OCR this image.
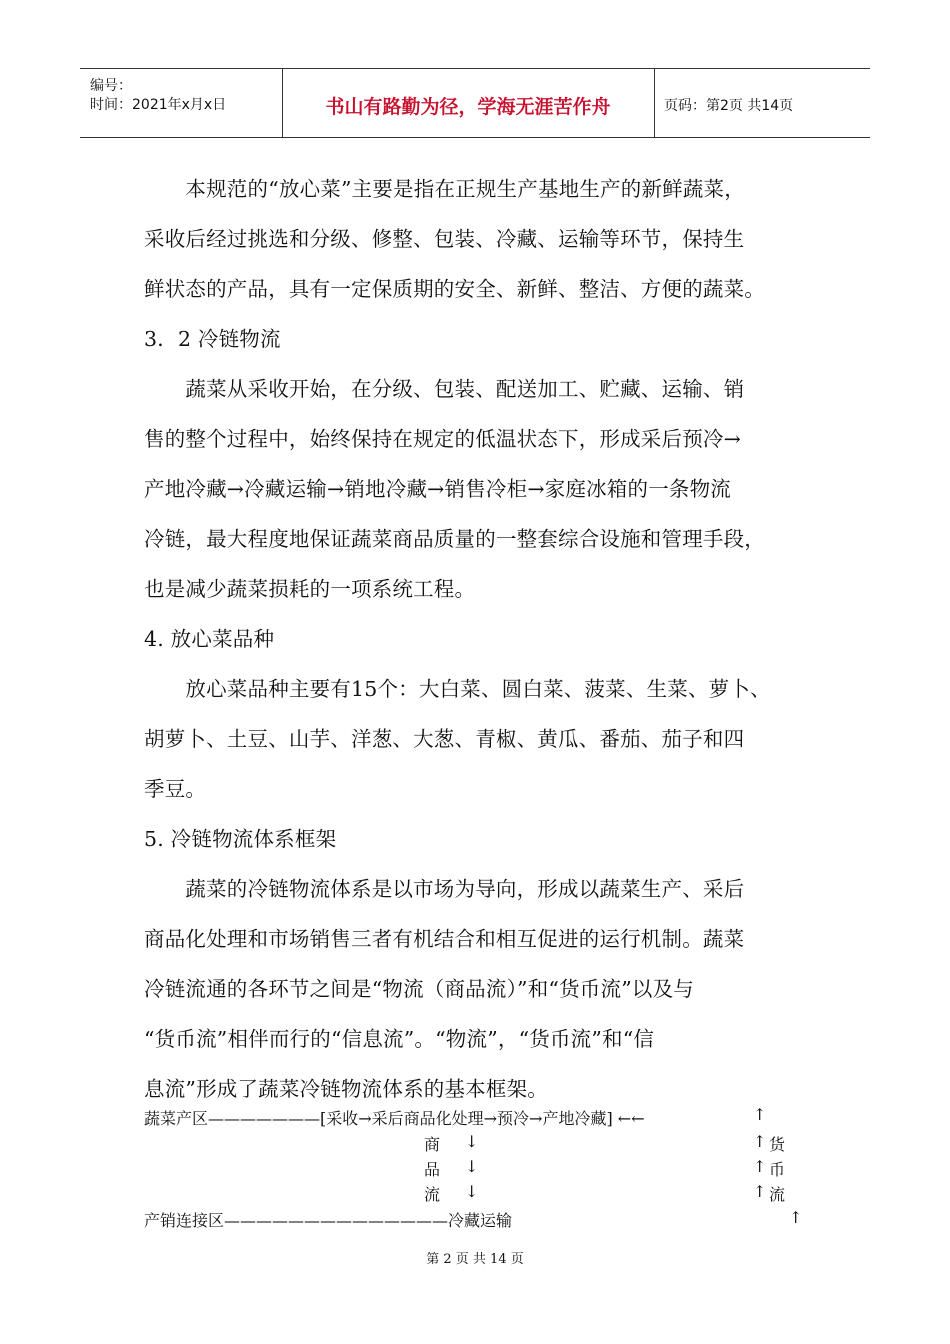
编号：
时间：2021年x月x日	书山有路勤为径，学海无涯苦作舟	页码：第2页 共14页
　　本规范的“放心菜”主要是指在正规生产基地生产的新鲜蔬菜，
采收后经过挑选和分级、修整、包装、冷藏、运输等环节，保持生
鲜状态的产品，具有一定保质期的安全、新鲜、整洁、方便的蔬菜。
3．2 冷链物流
　　蔬菜从采收开始，在分级、包装、配送加工、贮藏、运输、销
售的整个过程中，始终保持在规定的低温状态下，形成采后预冷→
产地冷藏→冷藏运输→销地冷藏→销售冷柜→家庭冰箱的一条物流
冷链，最大程度地保证蔬菜商品质量的一整套综合设施和管理手段，
也是减少蔬菜损耗的一项系统工程。
4. 放心菜品种
　　放心菜品种主要有15个：大白菜、圆白菜、菠菜、生菜、萝卜、
胡萝卜、土豆、山芋、洋葱、大葱、青椒、黄瓜、番茄、茄子和四
季豆。
5. 冷链物流体系框架
　　蔬菜的冷链物流体系是以市场为导向，形成以蔬菜生产、采后
商品化处理和市场销售三者有机结合和相互促进的运行机制。蔬菜
冷链流通的各环节之间是“物流（商品流）”和“货币流”以及与
“货币流”相伴而行的“信息流”。“物流”，“货币流”和“信
息流”形成了蔬菜冷链物流体系的基本框架。
蔬菜产区———————[采收→采后商品化处理→预冷→产地冷藏] ←←	↑
商 ↓	↑ 货
品 ↓	↑ 币
流 ↓	↑ 流
产销连接区——————————————冷藏运输	↑
第 2 页 共 14 页
